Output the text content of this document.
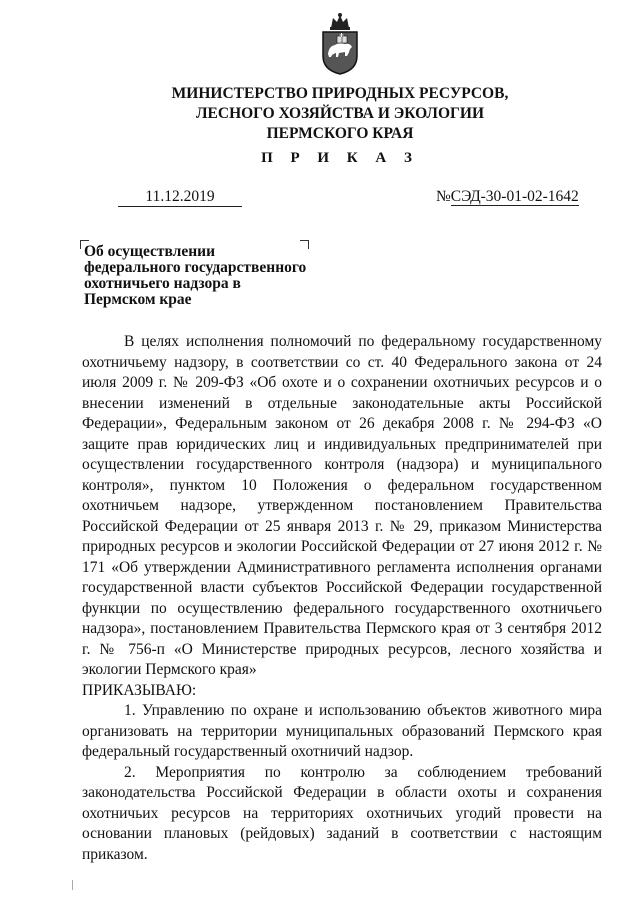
МИНИСТЕРСТВО ПРИРОДНЫХ РЕСУРСОВ,
ЛЕСНОГО ХОЗЯЙСТВА И ЭКОЛОГИИ
ПЕРМСКОГО КРАЯ
П Р И К А З
11.12.2019	№СЭД-30-01-02-1642
Об осуществлении федерального государственного охотничьего надзора в Пермском крае

В целях исполнения полномочий по федеральному государственному охотничьему надзору, в соответствии со ст. 40 Федерального закона от 24 июля 2009 г. № 209-ФЗ «Об охоте и о сохранении охотничьих ресурсов и о внесении изменений в отдельные законодательные акты Российской Федерации», Федеральным законом от 26 декабря 2008 г. № 294-ФЗ «О защите прав юридических лиц и индивидуальных предпринимателей при осуществлении государственного контроля (надзора) и муниципального контроля», пунктом 10 Положения о федеральном государственном охотничьем надзоре, утвержденном постановлением Правительства Российской Федерации от 25 января 2013 г. № 29, приказом Министерства природных ресурсов и экологии Российской Федерации от 27 июня 2012 г. № 171 «Об утверждении Административного регламента исполнения органами государственной власти субъектов Российской Федерации государственной функции по осуществлению федерального государственного охотничьего надзора», постановлением Правительства Пермского края от 3 сентября 2012 г. № 756-п «О Министерстве природных ресурсов, лесного хозяйства и экологии Пермского края»

ПРИКАЗЫВАЮ:

1. Управлению по охране и использованию объектов животного мира организовать на территории муниципальных образований Пермского края федеральный государственный охотничий надзор.

2. Мероприятия по контролю за соблюдением требований законодательства Российской Федерации в области охоты и сохранения охотничьих ресурсов на территориях охотничьих угодий провести на основании плановых (рейдовых) заданий в соответствии с настоящим приказом.
